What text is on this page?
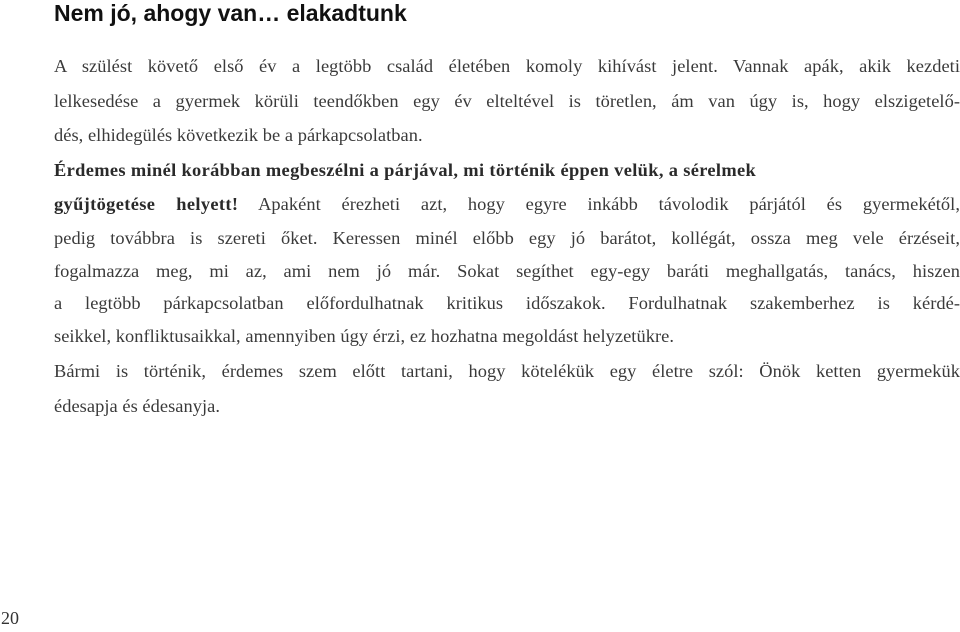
Nem jó, ahogy van… elakadtunk
A szülést követő első év a legtöbb család életében komoly kihívást jelent. Vannak apák, akik kezdeti
lelkesedése a gyermek körüli teendőkben egy év elteltével is töretlen, ám van úgy is, hogy elszigetelő-
dés, elhidegülés következik be a párkapcsolatban.
Érdemes minél korábban megbeszélni a párjával, mi történik éppen velük, a sérelmek
gyűjtögetése helyett! Apaként érezheti azt, hogy egyre inkább távolodik párjától és gyermekétől,
pedig továbbra is szereti őket. Keressen minél előbb egy jó barátot, kollégát, ossza meg vele érzéseit,
fogalmazza meg, mi az, ami nem jó már. Sokat segíthet egy-egy baráti meghallgatás, tanács, hiszen
a legtöbb párkapcsolatban előfordulhatnak kritikus időszakok. Fordulhatnak szakemberhez is kérdé-
seikkel, konfliktusaikkal, amennyiben úgy érzi, ez hozhatna megoldást helyzetükre.
Bármi is történik, érdemes szem előtt tartani, hogy kötelékük egy életre szól: Önök ketten gyermekük
édesapja és édesanyja.
20
